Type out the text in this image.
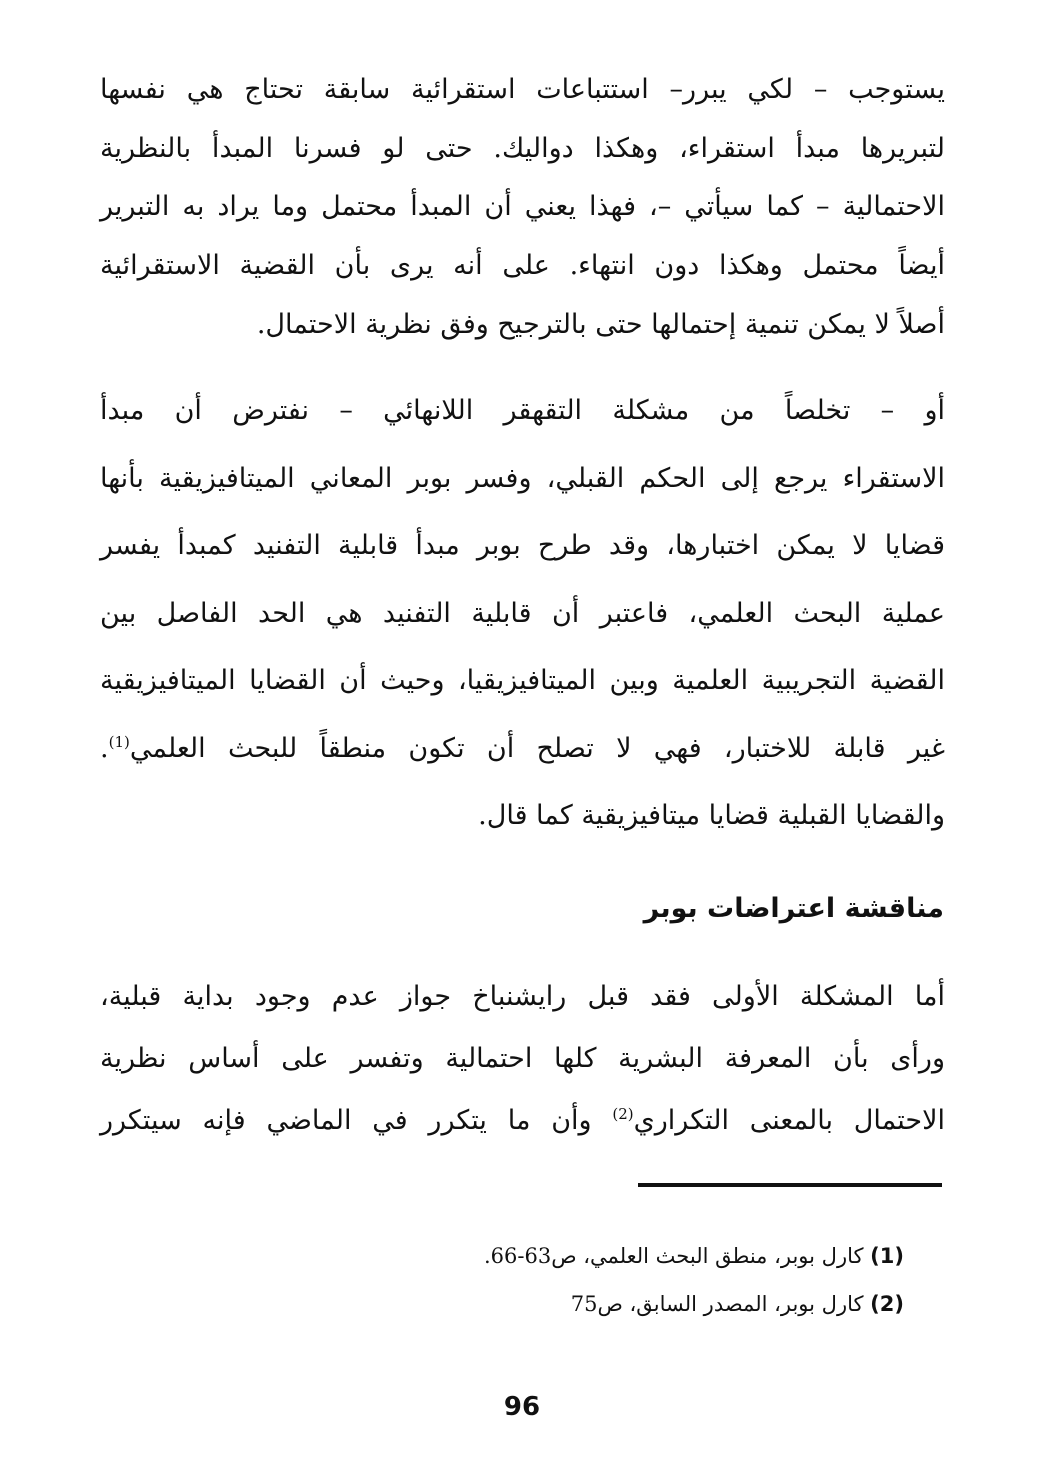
يستوجب – لكي يبرر– استتباعات استقرائية سابقة تحتاج هي نفسها
لتبريرها مبدأ استقراء، وهكذا دواليك. حتى لو فسرنا المبدأ بالنظرية
الاحتمالية – كما سيأتي –، فهذا يعني أن المبدأ محتمل وما يراد به التبرير
أيضاً محتمل وهكذا دون انتهاء. على أنه يرى بأن القضية الاستقرائية
أصلاً لا يمكن تنمية إحتمالها حتى بالترجيح وفق نظرية الاحتمال.
أو – تخلصاً من مشكلة التقهقر اللانهائي – نفترض أن مبدأ
الاستقراء يرجع إلى الحكم القبلي، وفسر بوبر المعاني الميتافيزيقية بأنها
قضايا لا يمكن اختبارها، وقد طرح بوبر مبدأ قابلية التفنيد كمبدأ يفسر
عملية البحث العلمي، فاعتبر أن قابلية التفنيد هي الحد الفاصل بين
القضية التجريبية العلمية وبين الميتافيزيقيا، وحيث أن القضايا الميتافيزيقية
غير قابلة للاختبار، فهي لا تصلح أن تكون منطقاً للبحث العلمي$^{(1)}$.
والقضايا القبلية قضايا ميتافيزيقية كما قال.
مناقشة اعتراضات بوبر
أما المشكلة الأولى فقد قبل رايشنباخ جواز عدم وجود بداية قبلية،
ورأى بأن المعرفة البشرية كلها احتمالية وتفسر على أساس نظرية
الاحتمال بالمعنى التكراري$^{(2)}$ وأن ما يتكرر في الماضي فإنه سيتكرر
(1) كارل بوبر، منطق البحث العلمي، ص63-66.
(2) كارل بوبر، المصدر السابق، ص75
96
